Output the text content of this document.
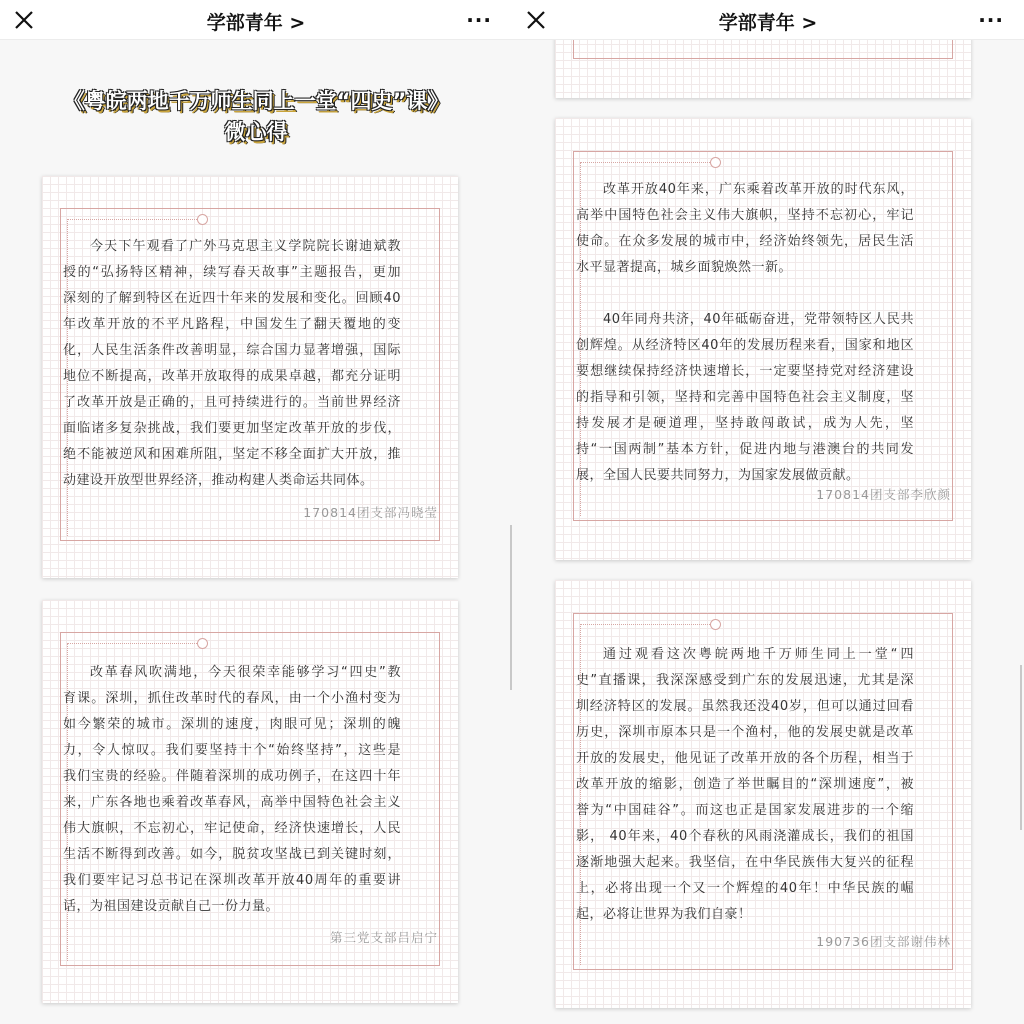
学部青年 >	···
《粤皖两地千万师生同上一堂“四史”课》
微心得
今天下午观看了广外马克思主义学院院长谢迪斌教
授的“弘扬特区精神，续写春天故事”主题报告，更加
深刻的了解到特区在近四十年来的发展和变化。回顾40
年改革开放的不平凡路程，中国发生了翻天覆地的变
化，人民生活条件改善明显，综合国力显著增强，国际
地位不断提高，改革开放取得的成果卓越，都充分证明
了改革开放是正确的，且可持续进行的。当前世界经济
面临诸多复杂挑战，我们要更加坚定改革开放的步伐，
绝不能被逆风和困难所阻，坚定不移全面扩大开放，推
动建设开放型世界经济，推动构建人类命运共同体。
170814团支部冯晓莹
改革春风吹满地，今天很荣幸能够学习“四史”教
育课。深圳，抓住改革时代的春风，由一个小渔村变为
如今繁荣的城市。深圳的速度，肉眼可见；深圳的魄
力，令人惊叹。我们要坚持十个“始终坚持”，这些是
我们宝贵的经验。伴随着深圳的成功例子，在这四十年
来，广东各地也乘着改革春风，高举中国特色社会主义
伟大旗帜，不忘初心，牢记使命，经济快速增长，人民
生活不断得到改善。如今，脱贫攻坚战已到关键时刻，
我们要牢记习总书记在深圳改革开放40周年的重要讲
话，为祖国建设贡献自己一份力量。
第三党支部吕启宁
学部青年 >	···
改革开放40年来，广东乘着改革开放的时代东风，
高举中国特色社会主义伟大旗帜，坚持不忘初心，牢记
使命。在众多发展的城市中，经济始终领先，居民生活
水平显著提高，城乡面貌焕然一新。
40年同舟共济，40年砥砺奋进，党带领特区人民共
创辉煌。从经济特区40年的发展历程来看，国家和地区
要想继续保持经济快速增长，一定要坚持党对经济建设
的指导和引领，坚持和完善中国特色社会主义制度，坚
持发展才是硬道理，坚持敢闯敢试，成为人先，坚
持“一国两制”基本方针，促进内地与港澳台的共同发
展，全国人民要共同努力，为国家发展做贡献。
170814团支部李欣颜
通过观看这次粤皖两地千万师生同上一堂“四
史”直播课，我深深感受到广东的发展迅速，尤其是深
圳经济特区的发展。虽然我还没40岁，但可以通过回看
历史，深圳市原本只是一个渔村，他的发展史就是改革
开放的发展史，他见证了改革开放的各个历程，相当于
改革开放的缩影，创造了举世瞩目的“深圳速度”，被
誉为“中国硅谷”。而这也正是国家发展进步的一个缩
影， 40年来，40个春秋的风雨浇灌成长，我们的祖国
逐渐地强大起来。我坚信，在中华民族伟大复兴的征程
上，必将出现一个又一个辉煌的40年！中华民族的崛
起，必将让世界为我们自豪！
190736团支部谢伟林
